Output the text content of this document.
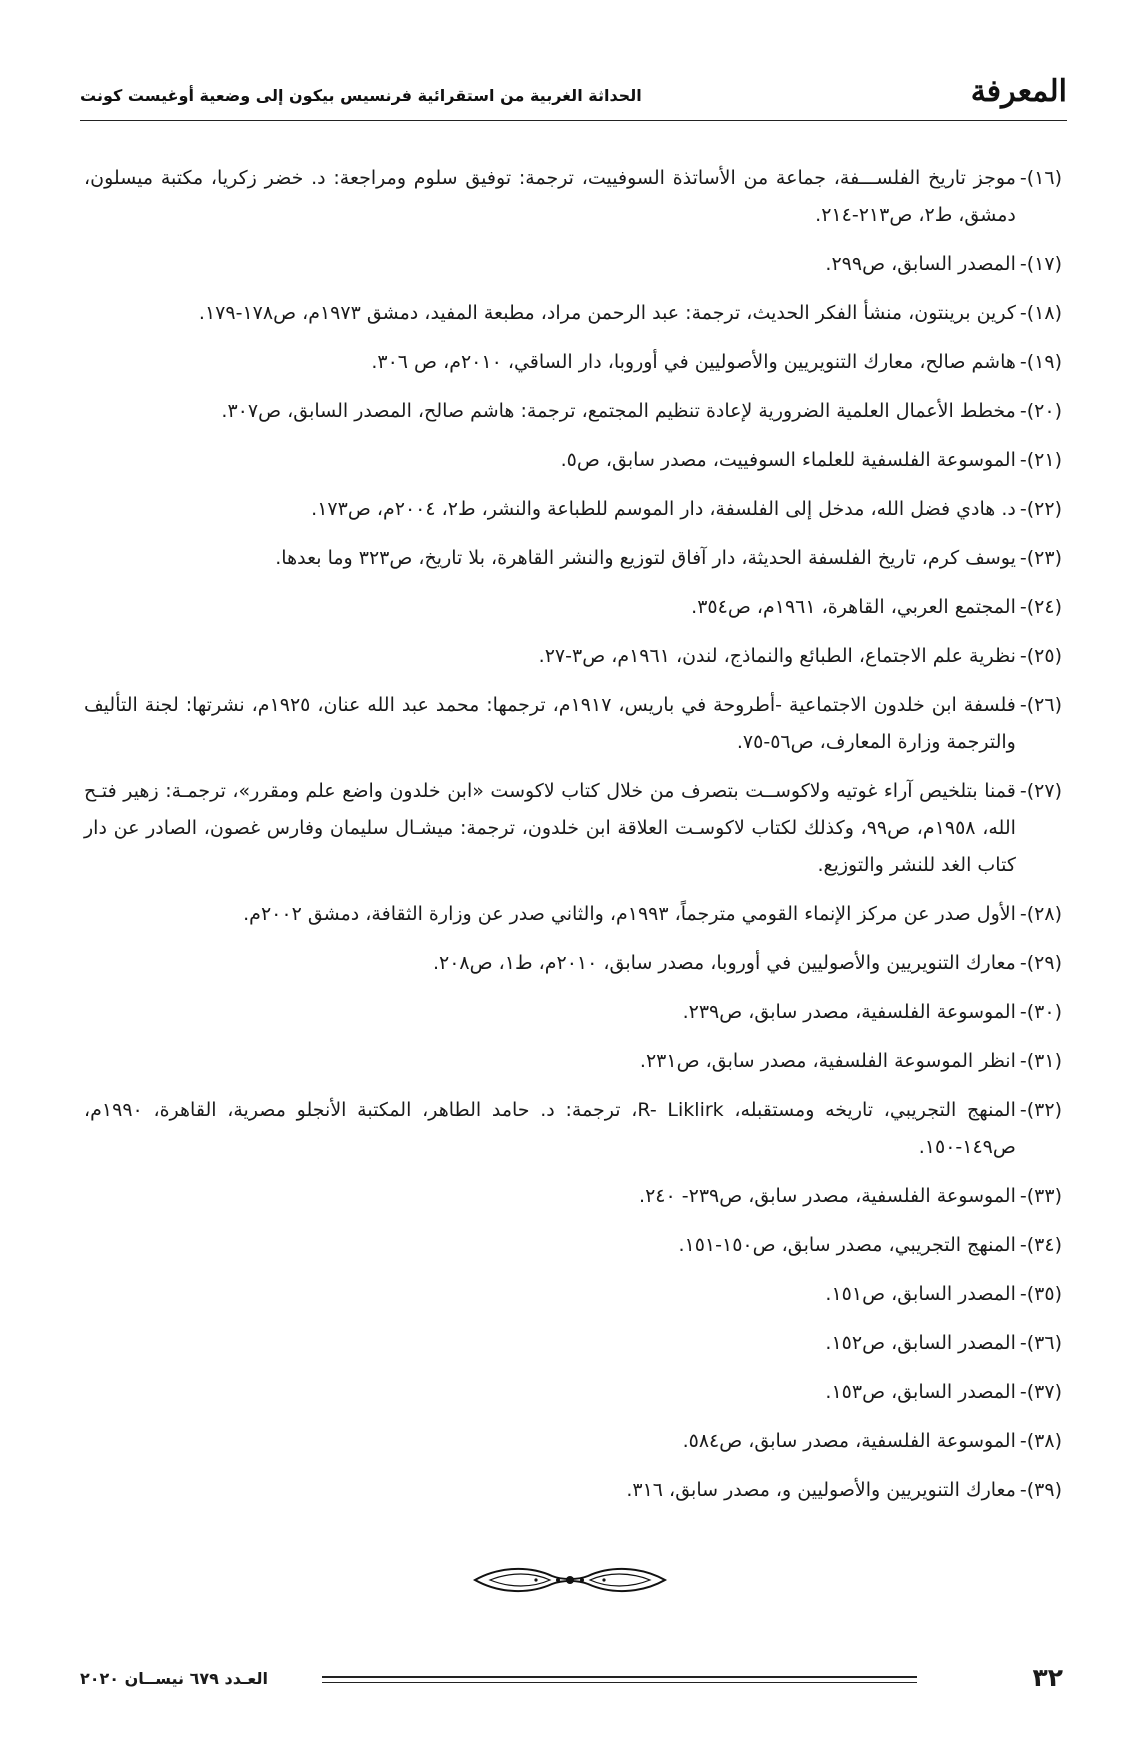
المعرفة
الحداثة الغربية من استقرائية فرنسيس بيكون إلى وضعية أوغيست كونت
(١٦)-
موجز تاريخ الفلســـفة، جماعة من الأساتذة السوفييت، ترجمة: توفيق سلوم ومراجعة: د. خضر زكريا، مكتبة ميسلون، دمشق، ط٢، ص٢١٣-٢١٤.
(١٧)-
المصدر السابق، ص٢٩٩.
(١٨)-
كرين برينتون، منشأ الفكر الحديث، ترجمة: عبد الرحمن مراد، مطبعة المفيد، دمشق ١٩٧٣م، ص١٧٨-١٧٩.
(١٩)-
هاشم صالح، معارك التنويريين والأصوليين في أوروبا، دار الساقي، ٢٠١٠م، ص ٣٠٦.
(٢٠)-
مخطط الأعمال العلمية الضرورية لإعادة تنظيم المجتمع، ترجمة: هاشم صالح، المصدر السابق، ص٣٠٧.
(٢١)-
الموسوعة الفلسفية للعلماء السوفييت، مصدر سابق، ص٥.
(٢٢)-
د. هادي فضل الله، مدخل إلى الفلسفة، دار الموسم للطباعة والنشر، ط٢، ٢٠٠٤م، ص١٧٣.
(٢٣)-
يوسف كرم، تاريخ الفلسفة الحديثة، دار آفاق لتوزيع والنشر القاهرة، بلا تاريخ، ص٣٢٣ وما بعدها.
(٢٤)-
المجتمع العربي، القاهرة، ١٩٦١م، ص٣٥٤.
(٢٥)-
نظرية علم الاجتماع، الطبائع والنماذج، لندن، ١٩٦١م، ص٣-٢٧.
(٢٦)-
فلسفة ابن خلدون الاجتماعية -أطروحة في باريس، ١٩١٧م، ترجمها: محمد عبد الله عنان، ١٩٢٥م، نشرتها: لجنة التأليف والترجمة وزارة المعارف، ص٥٦-٧٥.
(٢٧)-
قمنا بتلخيص آراء غوتيه ولاكوســت بتصرف من خلال كتاب لاكوست «ابن خلدون واضع علم ومقرر»، ترجمـة: زهير فتـح الله، ١٩٥٨م، ص٩٩، وكذلك لكتاب لاكوسـت العلاقة ابن خلدون، ترجمة: ميشـال سليمان وفارس غصون، الصادر عن دار كتاب الغد للنشر والتوزيع.
(٢٨)-
الأول صدر عن مركز الإنماء القومي مترجماً، ١٩٩٣م، والثاني صدر عن وزارة الثقافة، دمشق ٢٠٠٢م.
(٢٩)-
معارك التنويريين والأصوليين في أوروبا، مصدر سابق، ٢٠١٠م، ط١، ص٢٠٨.
(٣٠)-
الموسوعة الفلسفية، مصدر سابق، ص٢٣٩.
(٣١)-
انظر الموسوعة الفلسفية، مصدر سابق، ص٢٣١.
(٣٢)-
المنهج التجريبي، تاريخه ومستقبله، R- Liklirk، ترجمة: د. حامد الطاهر، المكتبة الأنجلو مصرية، القاهرة، ١٩٩٠م، ص١٤٩-١٥٠.
(٣٣)-
الموسوعة الفلسفية، مصدر سابق، ص٢٣٩- ٢٤٠.
(٣٤)-
المنهج التجريبي، مصدر سابق، ص١٥٠-١٥١.
(٣٥)-
المصدر السابق، ص١٥١.
(٣٦)-
المصدر السابق، ص١٥٢.
(٣٧)-
المصدر السابق، ص١٥٣.
(٣٨)-
الموسوعة الفلسفية، مصدر سابق، ص٥٨٤.
(٣٩)-
معارك التنويريين والأصوليين و، مصدر سابق، ٣١٦.
٣٢
العـدد ٦٧٩ نيســان ٢٠٢٠
